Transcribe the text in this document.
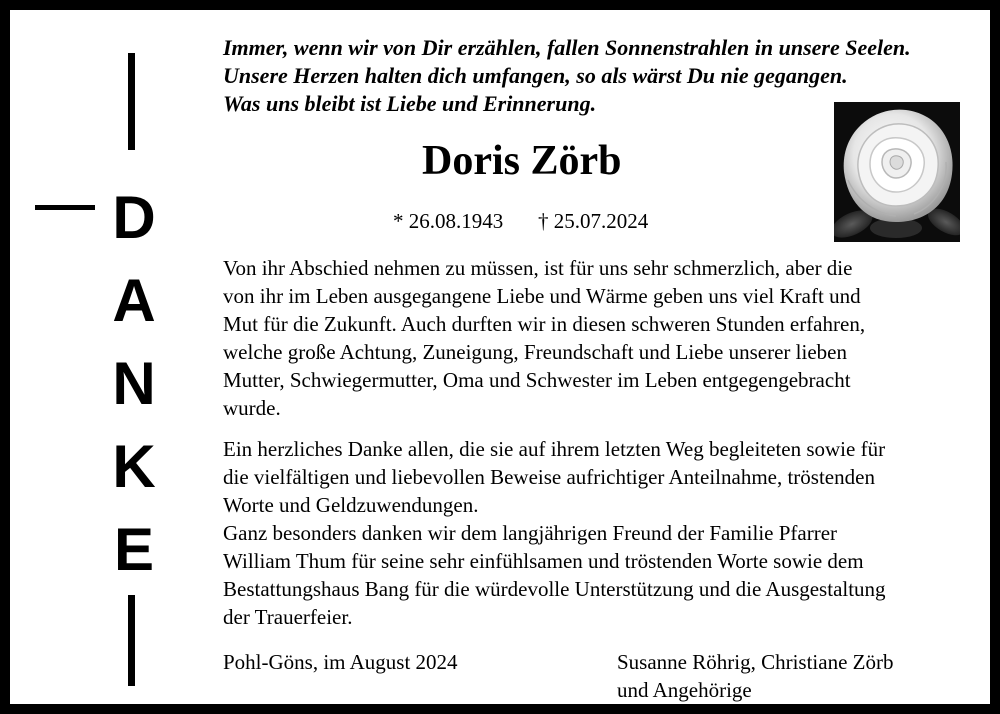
D
A
N
K
E
Immer, wenn wir von Dir erzählen, fallen Sonnenstrahlen in unsere Seelen.
Unsere Herzen halten dich umfangen, so als wärst Du nie gegangen.
Was uns bleibt ist Liebe und Erinnerung.
Doris Zörb
* 26.08.1943 † 25.07.2024
Von ihr Abschied nehmen zu müssen, ist für uns sehr schmerzlich, aber die
von ihr im Leben ausgegangene Liebe und Wärme geben uns viel Kraft und
Mut für die Zukunft. Auch durften wir in diesen schweren Stunden erfahren,
welche große Achtung, Zuneigung, Freundschaft und Liebe unserer lieben
Mutter, Schwiegermutter, Oma und Schwester im Leben entgegengebracht
wurde.
Ein herzliches Danke allen, die sie auf ihrem letzten Weg begleiteten sowie für
die vielfältigen und liebevollen Beweise aufrichtiger Anteilnahme, tröstenden
Worte und Geldzuwendungen.
Ganz besonders danken wir dem langjährigen Freund der Familie Pfarrer
William Thum für seine sehr einfühlsamen und tröstenden Worte sowie dem
Bestattungshaus Bang für die würdevolle Unterstützung und die Ausgestaltung
der Trauerfeier.
Pohl-Göns, im August 2024	Susanne Röhrig, Christiane Zörb
und Angehörige
